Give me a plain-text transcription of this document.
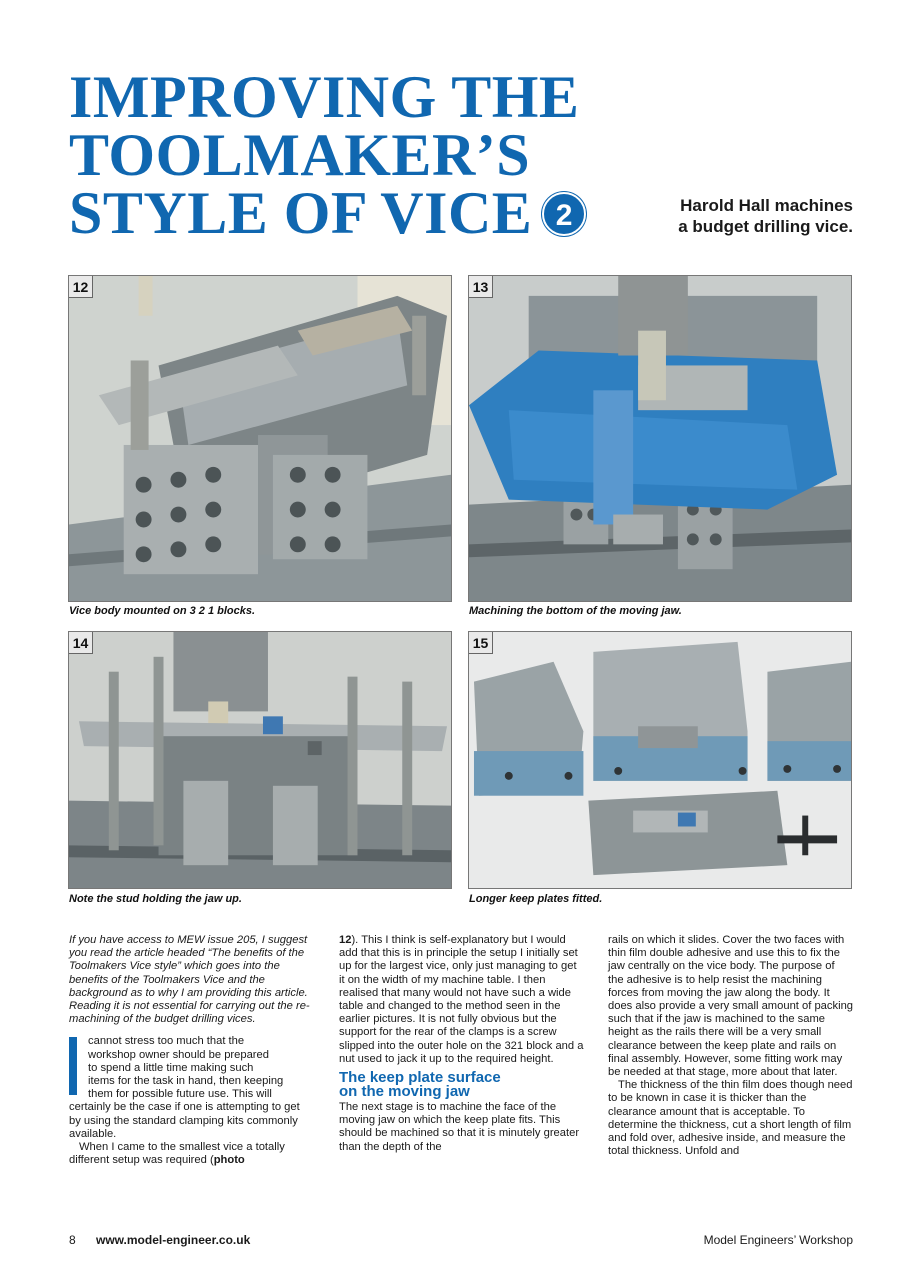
IMPROVING THE
TOOLMAKER’S
STYLE OF VICE 2	Harold Hall machines
a budget drilling vice.
12
Vice body mounted on 3 2 1 blocks.
13
Machining the bottom of the moving jaw.
14
Note the stud holding the jaw up.
15
Longer keep plates fitted.

If you have access to MEW issue 205, I suggest you read the article headed “The benefits of the Toolmakers Vice style” which goes into the benefits of the Toolmakers Vice and the background as to why I am providing this article. Reading it is not essential for carrying out the re-machining of the budget drilling vices.

cannot stress too much that the
workshop owner should be prepared
to spend a little time making such
items for the task in hand, then keeping
them for possible future use. This will

certainly be the case if one is attempting to get by using the standard clamping kits commonly available.

When I came to the smallest vice a totally different setup was required (photo

12). This I think is self-explanatory but I would add that this is in principle the setup I initially set up for the largest vice, only just managing to get it on the width of my machine table. I then realised that many would not have such a wide table and changed to the method seen in the earlier pictures. It is not fully obvious but the support for the rear of the clamps is a screw slipped into the outer hole on the 321 block and a nut used to jack it up to the required height.

The keep plate surface
on the moving jaw

The next stage is to machine the face of the moving jaw on which the keep plate fits. This should be machined so that it is minutely greater than the depth of the

rails on which it slides. Cover the two faces with thin film double adhesive and use this to fix the jaw centrally on the vice body. The purpose of the adhesive is to help resist the machining forces from moving the jaw along the body. It does also provide a very small amount of packing such that if the jaw is machined to the same height as the rails there will be a very small clearance between the keep plate and rails on final assembly. However, some fitting work may be needed at that stage, more about that later.

The thickness of the thin film does though need to be known in case it is thicker than the clearance amount that is acceptable. To determine the thickness, cut a short length of film and fold over, adhesive inside, and measure the total thickness. Unfold and

8 www.model-engineer.co.uk	Model Engineers’ Workshop
